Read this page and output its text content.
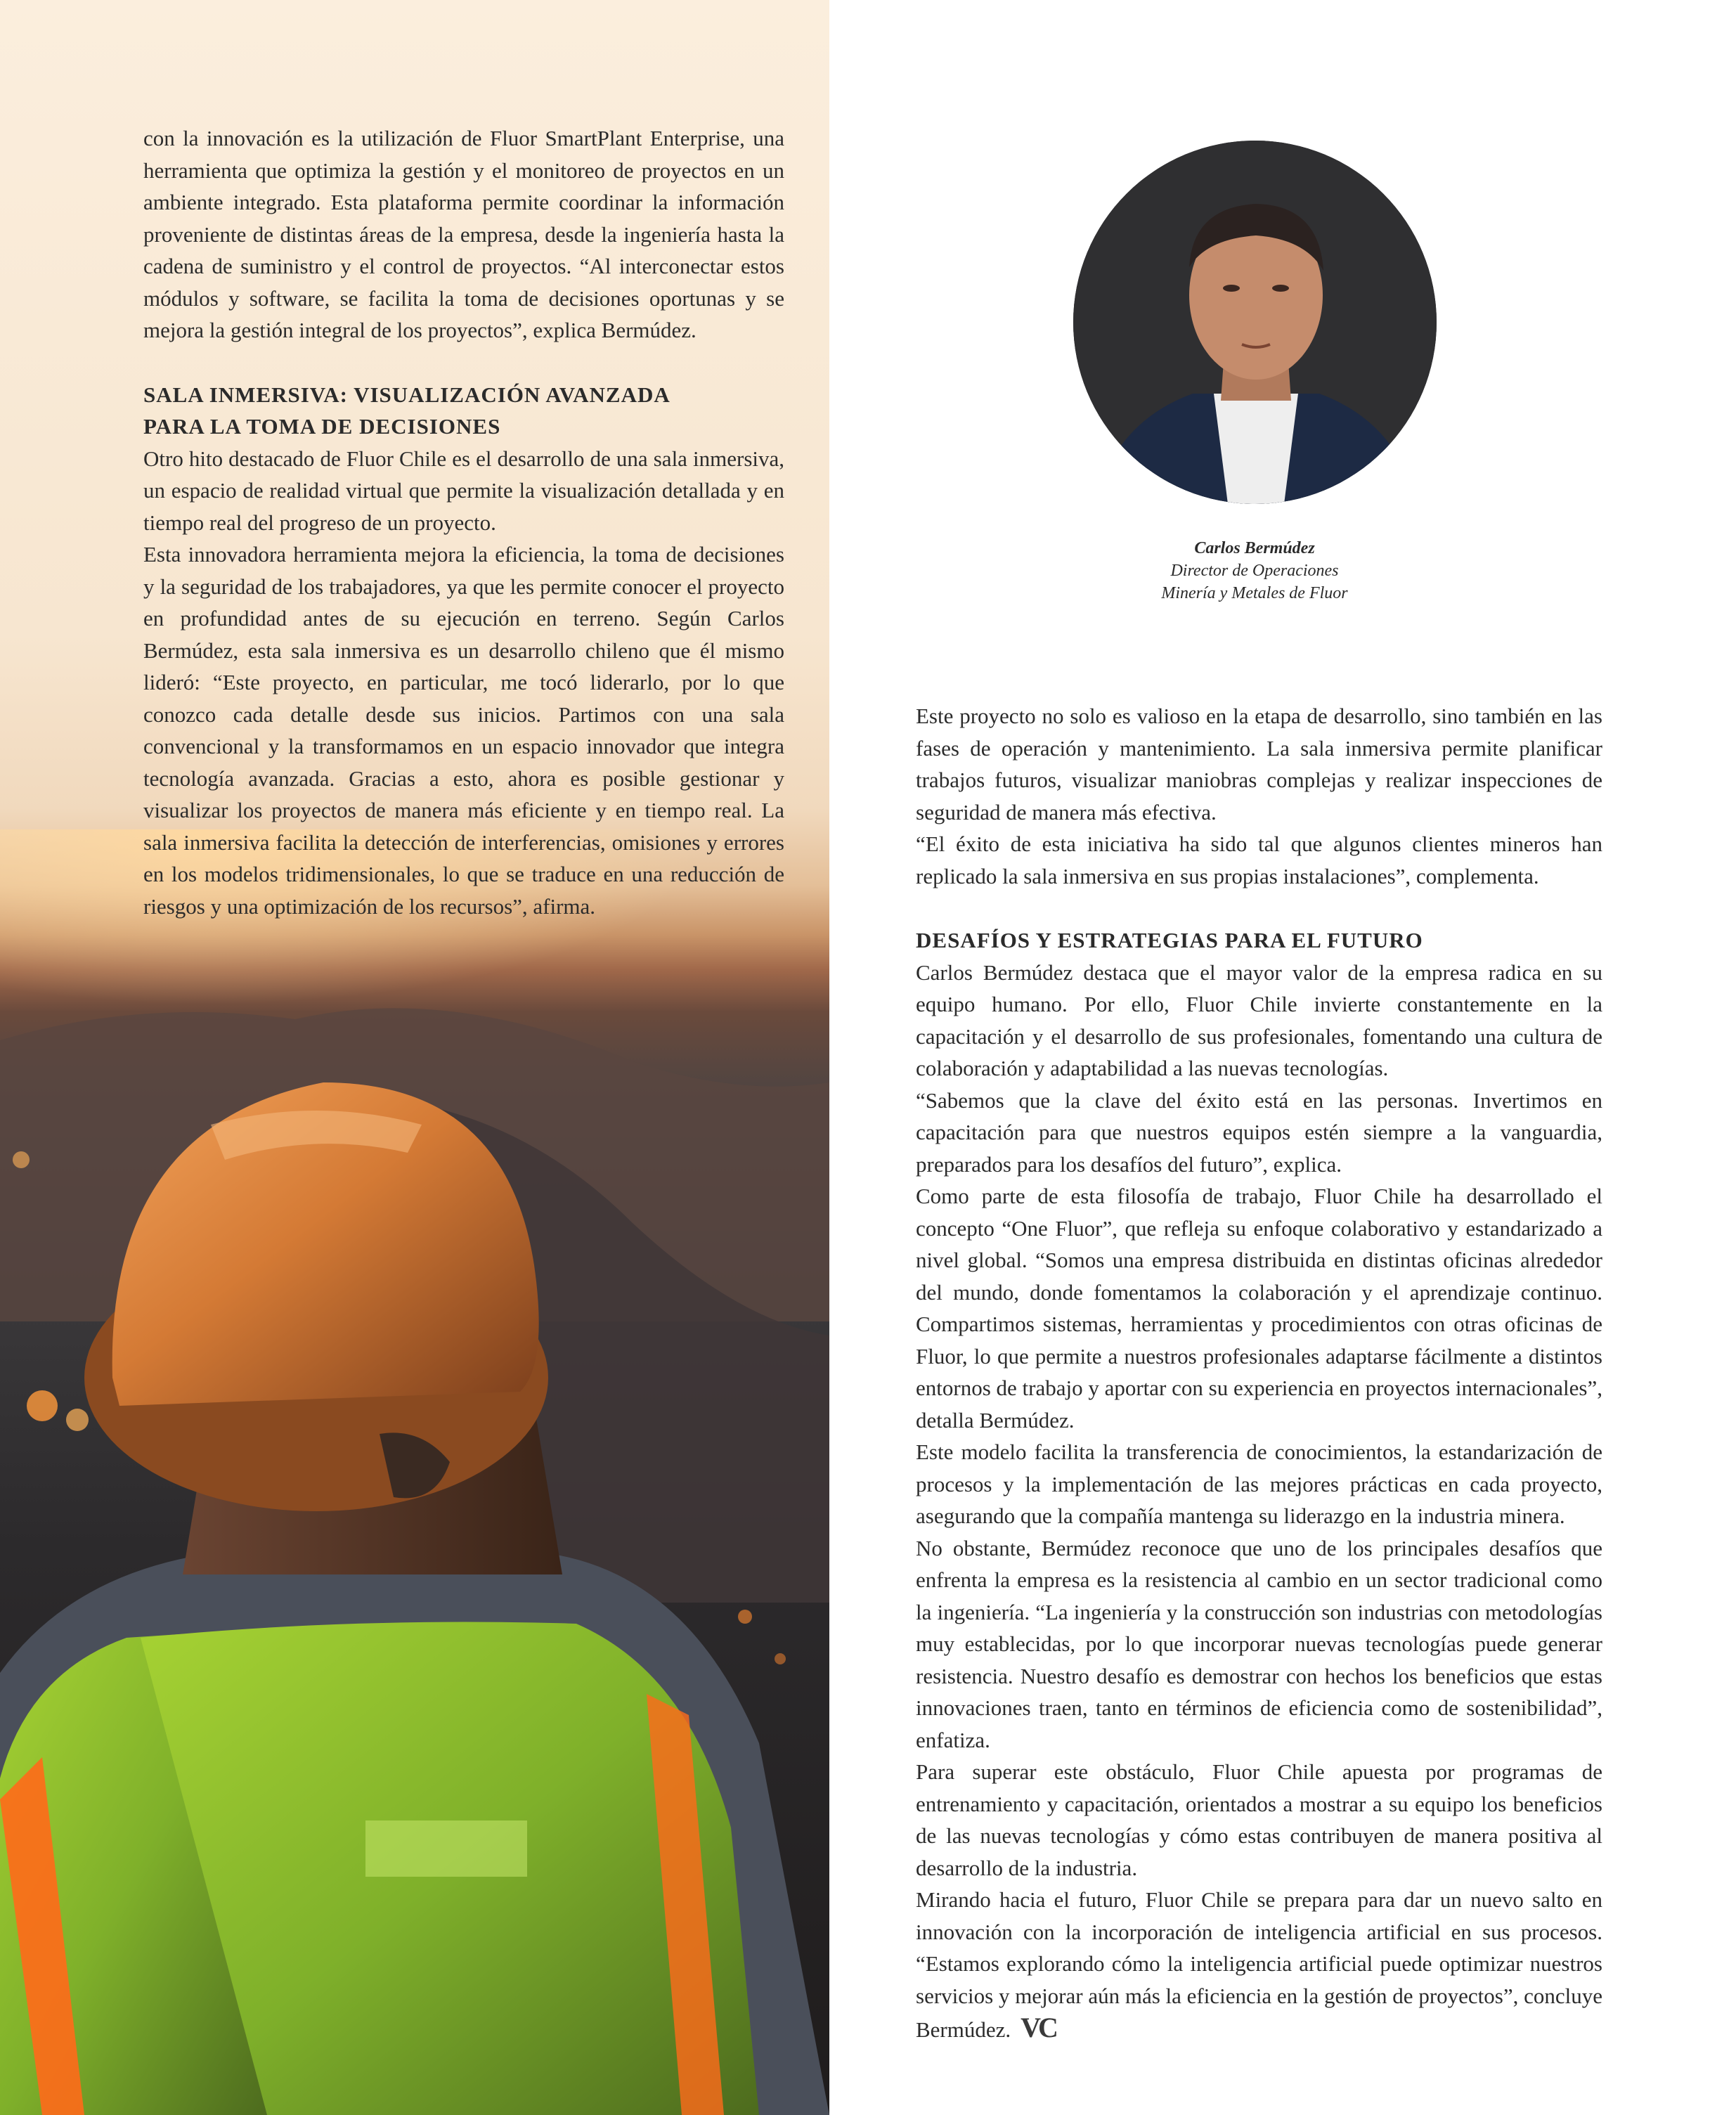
con la innovación es la utilización de Fluor SmartPlant Enterprise, una herramienta que optimiza la gestión y el monitoreo de proyectos en un ambiente integrado. Esta plataforma permite coordinar la información proveniente de distintas áreas de la empresa, desde la ingeniería hasta la cadena de suministro y el control de proyectos. “Al interconectar estos módulos y software, se facilita la toma de decisiones oportunas y se mejora la gestión integral de los proyectos”, explica Bermúdez.

SALA INMERSIVA: VISUALIZACIÓN AVANZADA
PARA LA TOMA DE DECISIONES

Otro hito destacado de Fluor Chile es el desarrollo de una sala inmersiva, un espacio de realidad virtual que permite la visualización detallada y en tiempo real del progreso de un proyecto.

Esta innovadora herramienta mejora la eficiencia, la toma de decisiones y la seguridad de los trabajadores, ya que les permite conocer el proyecto en profundidad antes de su ejecución en terreno. Según Carlos Bermúdez, esta sala inmersiva es un desarrollo chileno que él mismo lideró: “Este proyecto, en particular, me tocó liderarlo, por lo que conozco cada detalle desde sus inicios. Partimos con una sala convencional y la transformamos en un espacio innovador que integra tecnología avanzada. Gracias a esto, ahora es posible gestionar y visualizar los proyectos de manera más eficiente y en tiempo real. La sala inmersiva facilita la detección de interferencias, omisiones y errores en los modelos tridimensionales, lo que se traduce en una reducción de riesgos y una optimización de los recursos”, afirma.

Carlos Bermúdez
Director de Operaciones
Minería y Metales de Fluor

Este proyecto no solo es valioso en la etapa de desarrollo, sino también en las fases de operación y mantenimiento. La sala inmersiva permite planificar trabajos futuros, visualizar maniobras complejas y realizar inspecciones de seguridad de manera más efectiva.

“El éxito de esta iniciativa ha sido tal que algunos clientes mineros han replicado la sala inmersiva en sus propias instalaciones”, complementa.

DESAFÍOS Y ESTRATEGIAS PARA EL FUTURO

Carlos Bermúdez destaca que el mayor valor de la empresa radica en su equipo humano. Por ello, Fluor Chile invierte constantemente en la capacitación y el desarrollo de sus profesionales, fomentando una cultura de colaboración y adaptabilidad a las nuevas tecnologías.

“Sabemos que la clave del éxito está en las personas. Invertimos en capacitación para que nuestros equipos estén siempre a la vanguardia, preparados para los desafíos del futuro”, explica.

Como parte de esta filosofía de trabajo, Fluor Chile ha desarrollado el concepto “One Fluor”, que refleja su enfoque colaborativo y estandarizado a nivel global. “Somos una empresa distribuida en distintas oficinas alrededor del mundo, donde fomentamos la colaboración y el aprendizaje continuo. Compartimos sistemas, herramientas y procedimientos con otras oficinas de Fluor, lo que permite a nuestros profesionales adaptarse fácilmente a distintos entornos de trabajo y aportar con su experiencia en proyectos internacionales”, detalla Bermúdez.

Este modelo facilita la transferencia de conocimientos, la estandarización de procesos y la implementación de las mejores prácticas en cada proyecto, asegurando que la compañía mantenga su liderazgo en la industria minera.

No obstante, Bermúdez reconoce que uno de los principales desafíos que enfrenta la empresa es la resistencia al cambio en un sector tradicional como la ingeniería. “La ingeniería y la construcción son industrias con metodologías muy establecidas, por lo que incorporar nuevas tecnologías puede generar resistencia. Nuestro desafío es demostrar con hechos los beneficios que estas innovaciones traen, tanto en términos de eficiencia como de sostenibilidad”, enfatiza.

Para superar este obstáculo, Fluor Chile apuesta por programas de entrenamiento y capacitación, orientados a mostrar a su equipo los beneficios de las nuevas tecnologías y cómo estas contribuyen de manera positiva al desarrollo de la industria.

Mirando hacia el futuro, Fluor Chile se prepara para dar un nuevo salto en innovación con la incorporación de inteligencia artificial en sus procesos. “Estamos explorando cómo la inteligencia artificial puede optimizar nuestros servicios y mejorar aún más la eficiencia en la gestión de proyectos”, concluye Bermúdez. VC
